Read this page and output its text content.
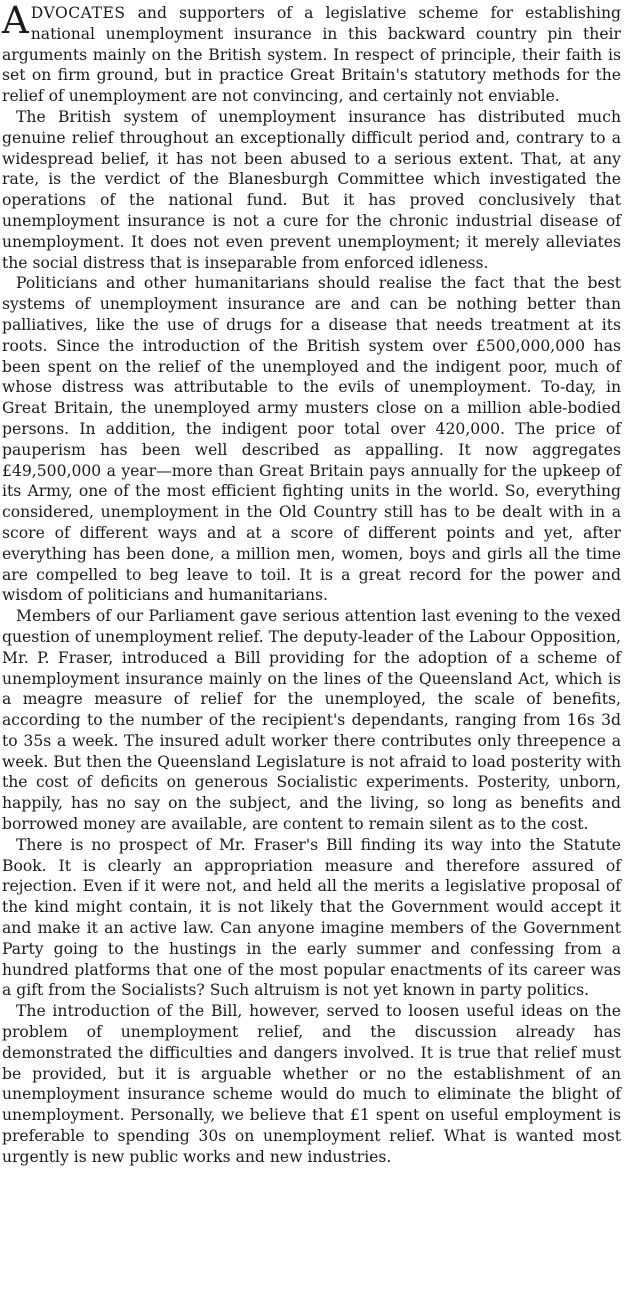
ADVOCATES and supporters of a legislative scheme for establishing national unemployment insurance in this backward country pin their arguments mainly on the British system. In respect of principle, their faith is set on firm ground, but in practice Great Britain's statutory methods for the relief of unemployment are not convincing, and certainly not enviable.

The British system of unemployment insurance has distributed much genuine relief throughout an exceptionally difficult period and, contrary to a widespread belief, it has not been abused to a serious extent. That, at any rate, is the verdict of the Blanesburgh Committee which investigated the operations of the national fund. But it has proved conclusively that unemployment insurance is not a cure for the chronic industrial disease of unemployment. It does not even prevent unemployment; it merely alleviates the social distress that is inseparable from enforced idleness.

Politicians and other humanitarians should realise the fact that the best systems of unemployment insurance are and can be nothing better than palliatives, like the use of drugs for a disease that needs treatment at its roots. Since the introduction of the British system over £500,000,000 has been spent on the relief of the unemployed and the indigent poor, much of whose distress was attributable to the evils of unemployment. To-day, in Great Britain, the unemployed army musters close on a million able-bodied persons. In addition, the indigent poor total over 420,000. The price of pauperism has been well described as appalling. It now aggregates £49,500,000 a year—more than Great Britain pays annually for the upkeep of its Army, one of the most efficient fighting units in the world. So, everything considered, unemployment in the Old Country still has to be dealt with in a score of different ways and at a score of different points and yet, after everything has been done, a million men, women, boys and girls all the time are compelled to beg leave to toil. It is a great record for the power and wisdom of politicians and humanitarians.

Members of our Parliament gave serious attention last evening to the vexed question of unemployment relief. The deputy-leader of the Labour Opposition, Mr. P. Fraser, introduced a Bill providing for the adoption of a scheme of unemployment insurance mainly on the lines of the Queensland Act, which is a meagre measure of relief for the unemployed, the scale of benefits, according to the number of the recipient's dependants, ranging from 16s 3d to 35s a week. The insured adult worker there contributes only threepence a week. But then the Queensland Legislature is not afraid to load posterity with the cost of deficits on generous Socialistic experiments. Posterity, unborn, happily, has no say on the subject, and the living, so long as benefits and borrowed money are available, are content to remain silent as to the cost.

There is no prospect of Mr. Fraser's Bill finding its way into the Statute Book. It is clearly an appropriation measure and therefore assured of rejection. Even if it were not, and held all the merits a legislative proposal of the kind might contain, it is not likely that the Government would accept it and make it an active law. Can anyone imagine members of the Government Party going to the hustings in the early summer and confessing from a hundred platforms that one of the most popular enactments of its career was a gift from the Socialists? Such altruism is not yet known in party politics.

The introduction of the Bill, however, served to loosen useful ideas on the problem of unemployment relief, and the discussion already has demonstrated the difficulties and dangers involved. It is true that relief must be provided, but it is arguable whether or no the establishment of an unemployment insurance scheme would do much to eliminate the blight of unemployment. Personally, we believe that £1 spent on useful employment is preferable to spending 30s on unemployment relief. What is wanted most urgently is new public works and new industries.
